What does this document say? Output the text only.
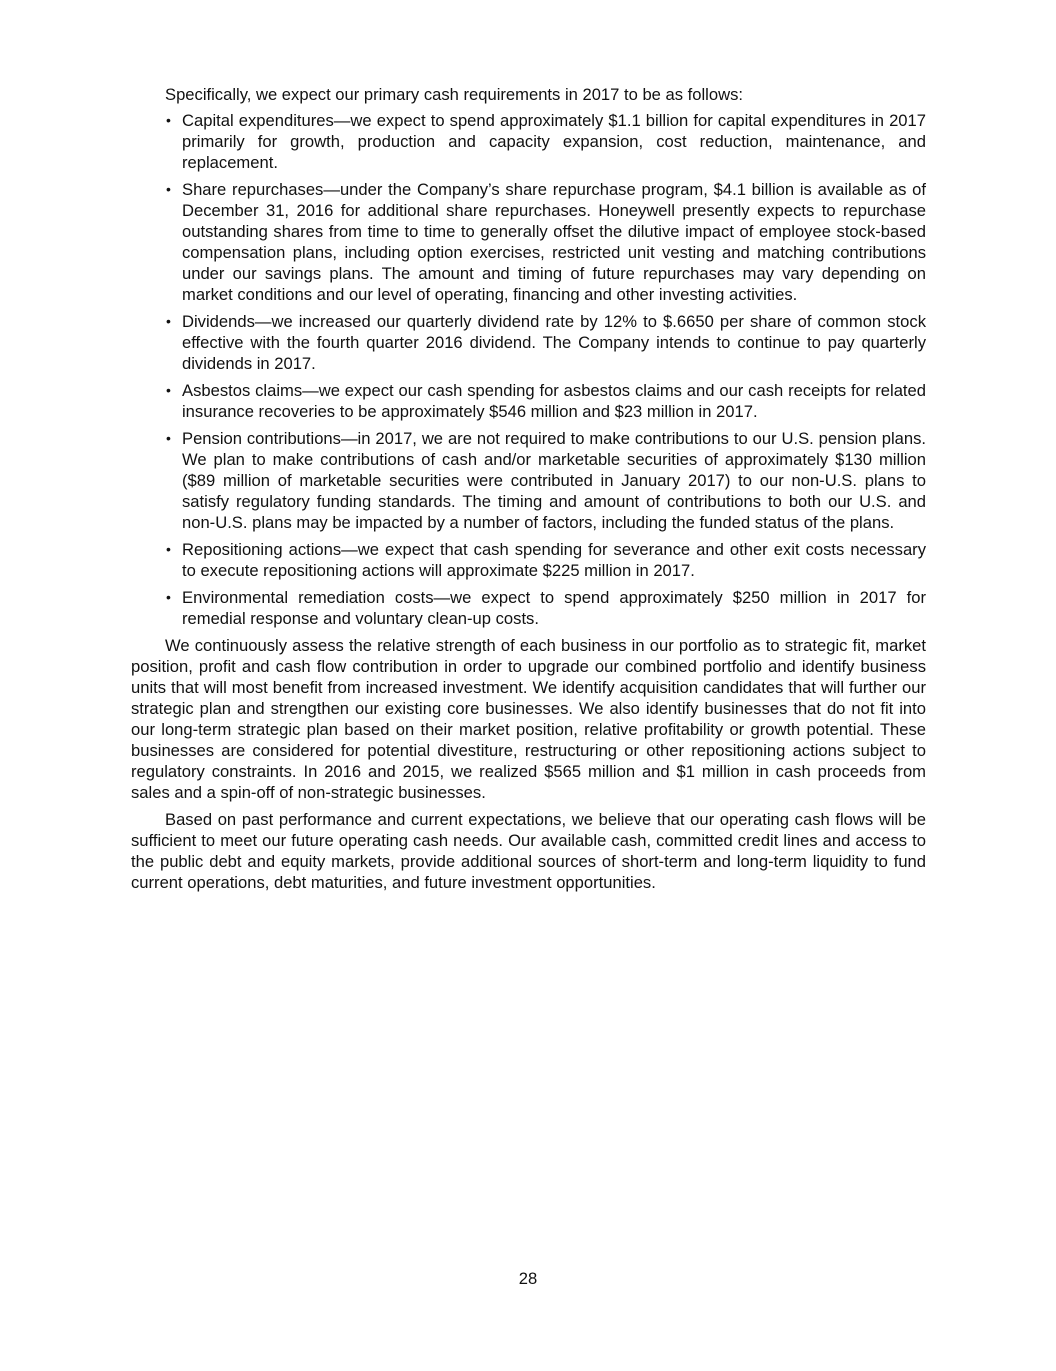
Specifically, we expect our primary cash requirements in 2017 to be as follows:

• Capital expenditures—we expect to spend approximately $1.1 billion for capital expenditures in 2017 primarily for growth, production and capacity expansion, cost reduction, maintenance, and replacement.
• Share repurchases—under the Company’s share repurchase program, $4.1 billion is available as of December 31, 2016 for additional share repurchases. Honeywell presently expects to repurchase outstanding shares from time to time to generally offset the dilutive impact of employee stock-based compensation plans, including option exercises, restricted unit vesting and matching contributions under our savings plans. The amount and timing of future repurchases may vary depending on market conditions and our level of operating, financing and other investing activities.
• Dividends—we increased our quarterly dividend rate by 12% to $.6650 per share of common stock effective with the fourth quarter 2016 dividend. The Company intends to continue to pay quarterly dividends in 2017.
• Asbestos claims—we expect our cash spending for asbestos claims and our cash receipts for related insurance recoveries to be approximately $546 million and $23 million in 2017.
• Pension contributions—in 2017, we are not required to make contributions to our U.S. pension plans. We plan to make contributions of cash and/or marketable securities of approximately $130 million ($89 million of marketable securities were contributed in January 2017) to our non-U.S. plans to satisfy regulatory funding standards. The timing and amount of contributions to both our U.S. and non-U.S. plans may be impacted by a number of factors, including the funded status of the plans.
• Repositioning actions—we expect that cash spending for severance and other exit costs necessary to execute repositioning actions will approximate $225 million in 2017.
• Environmental remediation costs—we expect to spend approximately $250 million in 2017 for remedial response and voluntary clean-up costs.

We continuously assess the relative strength of each business in our portfolio as to strategic fit, market position, profit and cash flow contribution in order to upgrade our combined portfolio and identify business units that will most benefit from increased investment. We identify acquisition candidates that will further our strategic plan and strengthen our existing core businesses. We also identify businesses that do not fit into our long-term strategic plan based on their market position, relative profitability or growth potential. These businesses are considered for potential divestiture, restructuring or other repositioning actions subject to regulatory constraints. In 2016 and 2015, we realized $565 million and $1 million in cash proceeds from sales and a spin-off of non-strategic businesses.

Based on past performance and current expectations, we believe that our operating cash flows will be sufficient to meet our future operating cash needs. Our available cash, committed credit lines and access to the public debt and equity markets, provide additional sources of short-term and long-term liquidity to fund current operations, debt maturities, and future investment opportunities.

28
